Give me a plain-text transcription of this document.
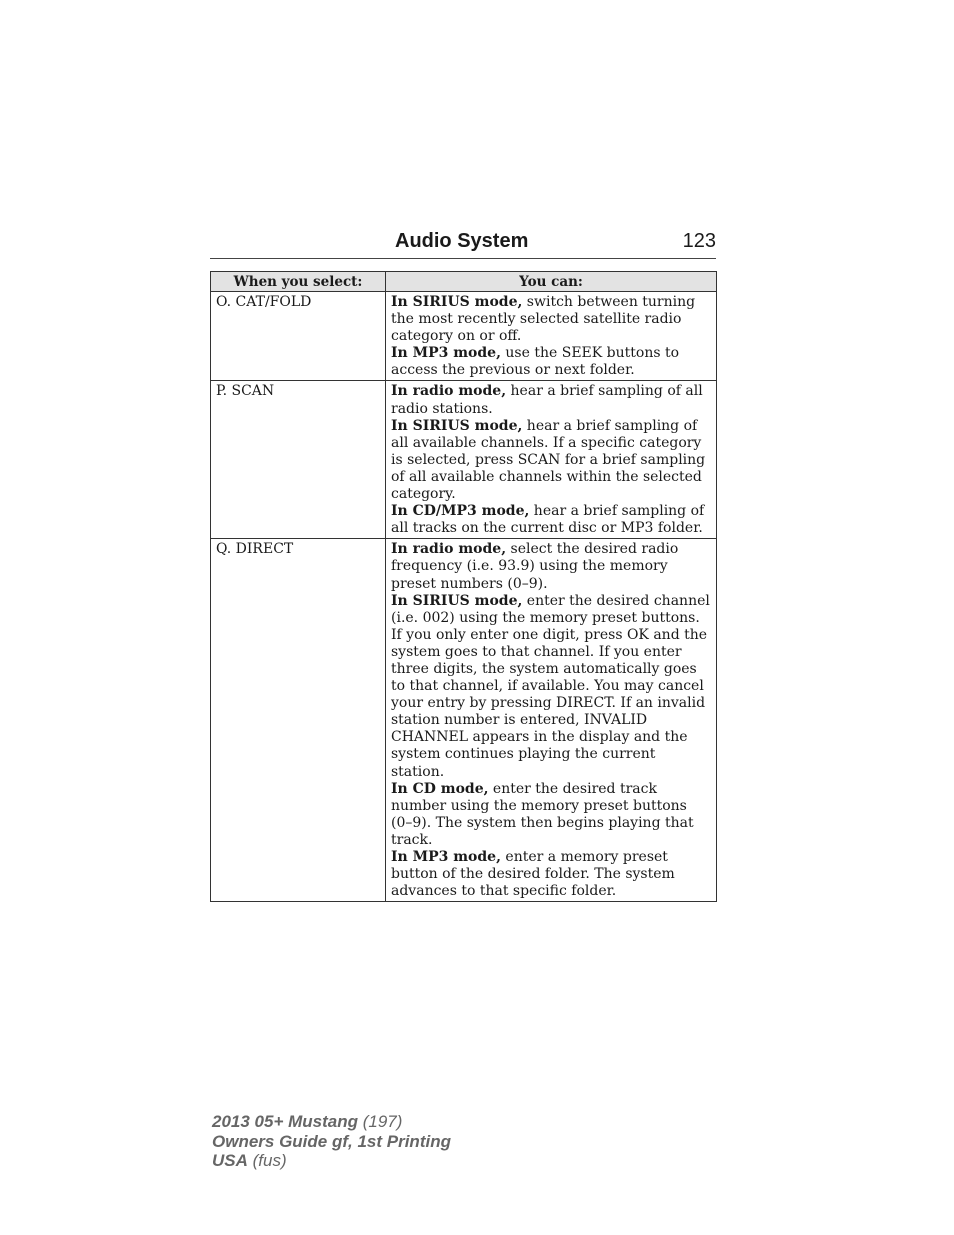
Audio System	123
When you select:	You can:
O. CAT/FOLD	In SIRIUS mode, switch between turning the most recently selected satellite radio category on or off.
In MP3 mode, use the SEEK buttons to access the previous or next folder.

P. SCAN	In radio mode, hear a brief sampling of all radio stations.
In SIRIUS mode, hear a brief sampling of all available channels. If a specific category is selected, press SCAN for a brief sampling of all available channels within the selected category.
In CD/MP3 mode, hear a brief sampling of all tracks on the current disc or MP3 folder.

Q. DIRECT	In radio mode, select the desired radio frequency (i.e. 93.9) using the memory preset numbers (0–9).
In SIRIUS mode, enter the desired channel (i.e. 002) using the memory preset buttons. If you only enter one digit, press OK and the system goes to that channel. If you enter three digits, the system automatically goes to that channel, if available. You may cancel your entry by pressing DIRECT. If an invalid station number is entered, INVALID CHANNEL appears in the display and the system continues playing the current station.
In CD mode, enter the desired track number using the memory preset buttons (0–9). The system then begins playing that track.
In MP3 mode, enter a memory preset button of the desired folder. The system advances to that specific folder.
2013 05+ Mustang (197)
Owners Guide gf, 1st Printing
USA (fus)
